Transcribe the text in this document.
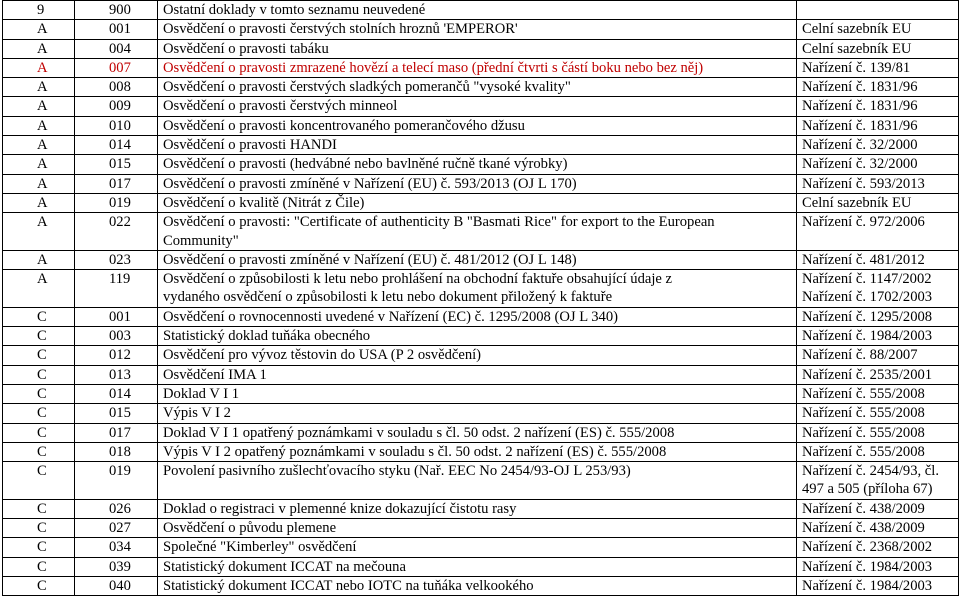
9	900	Ostatní doklady v tomto seznamu neuvedené	

A	001	Osvědčení o pravosti čerstvých stolních hroznů 'EMPEROR'	Celní sazebník EU

A	004	Osvědčení o pravosti tabáku	Celní sazebník EU

A	007	Osvědčení o pravosti zmrazené hovězí a telecí maso (přední čtvrti s částí boku nebo bez něj)	Nařízení č. 139/81

A	008	Osvědčení o pravosti čerstvých sladkých pomerančů "vysoké kvality"	Nařízení č. 1831/96

A	009	Osvědčení o pravosti čerstvých minneol	Nařízení č. 1831/96

A	010	Osvědčení o pravosti koncentrovaného pomerančového džusu	Nařízení č. 1831/96

A	014	Osvědčení o pravosti HANDI	Nařízení č. 32/2000

A	015	Osvědčení o pravosti (hedvábné nebo bavlněné ručně tkané výrobky)	Nařízení č. 32/2000

A	017	Osvědčení o pravosti zmíněné v Nařízení (EU) č. 593/2013 (OJ L 170)	Nařízení č. 593/2013

A	019	Osvědčení o kvalitě (Nitrát z Čile)	Celní sazebník EU

A	022	Osvědčení o pravosti: "Certificate of authenticity B "Basmati Rice" for export to the European
Community"	Nařízení č. 972/2006

A	023	Osvědčení o pravosti zmíněné v Nařízení (EU) č. 481/2012 (OJ L 148)	Nařízení č. 481/2012

A	119	Osvědčení o způsobilosti k letu nebo prohlášení na obchodní faktuře obsahující údaje z
vydaného osvědčení o způsobilosti k letu nebo dokument přiložený k faktuře	Nařízení č. 1147/2002
Nařízení č. 1702/2003

C	001	Osvědčení o rovnocennosti uvedené v Nařízení (EC) č. 1295/2008 (OJ L 340)	Nařízení č. 1295/2008

C	003	Statistický doklad tuňáka obecného	Nařízení č. 1984/2003

C	012	Osvědčení pro vývoz těstovin do USA (P 2 osvědčení)	Nařízení č. 88/2007

C	013	Osvědčení IMA 1	Nařízení č. 2535/2001

C	014	Doklad V I 1	Nařízení č. 555/2008

C	015	Výpis V I 2	Nařízení č. 555/2008

C	017	Doklad V I 1 opatřený poznámkami v souladu s čl. 50 odst. 2 nařízení (ES) č. 555/2008	Nařízení č. 555/2008

C	018	Výpis V I 2 opatřený poznámkami v souladu s čl. 50 odst. 2 nařízení (ES) č. 555/2008	Nařízení č. 555/2008

C	019	Povolení pasivního zušlechťovacího styku (Nař. EEC No 2454/93-OJ L 253/93)	Nařízení č. 2454/93, čl.
497 a 505 (příloha 67)

C	026	Doklad o registraci v plemenné knize dokazující čistotu rasy	Nařízení č. 438/2009

C	027	Osvědčení o původu plemene	Nařízení č. 438/2009

C	034	Společné "Kimberley" osvědčení	Nařízení č. 2368/2002

C	039	Statistický dokument ICCAT na mečouna	Nařízení č. 1984/2003

C	040	Statistický dokument ICCAT nebo IOTC na tuňáka velkookého	Nařízení č. 1984/2003
